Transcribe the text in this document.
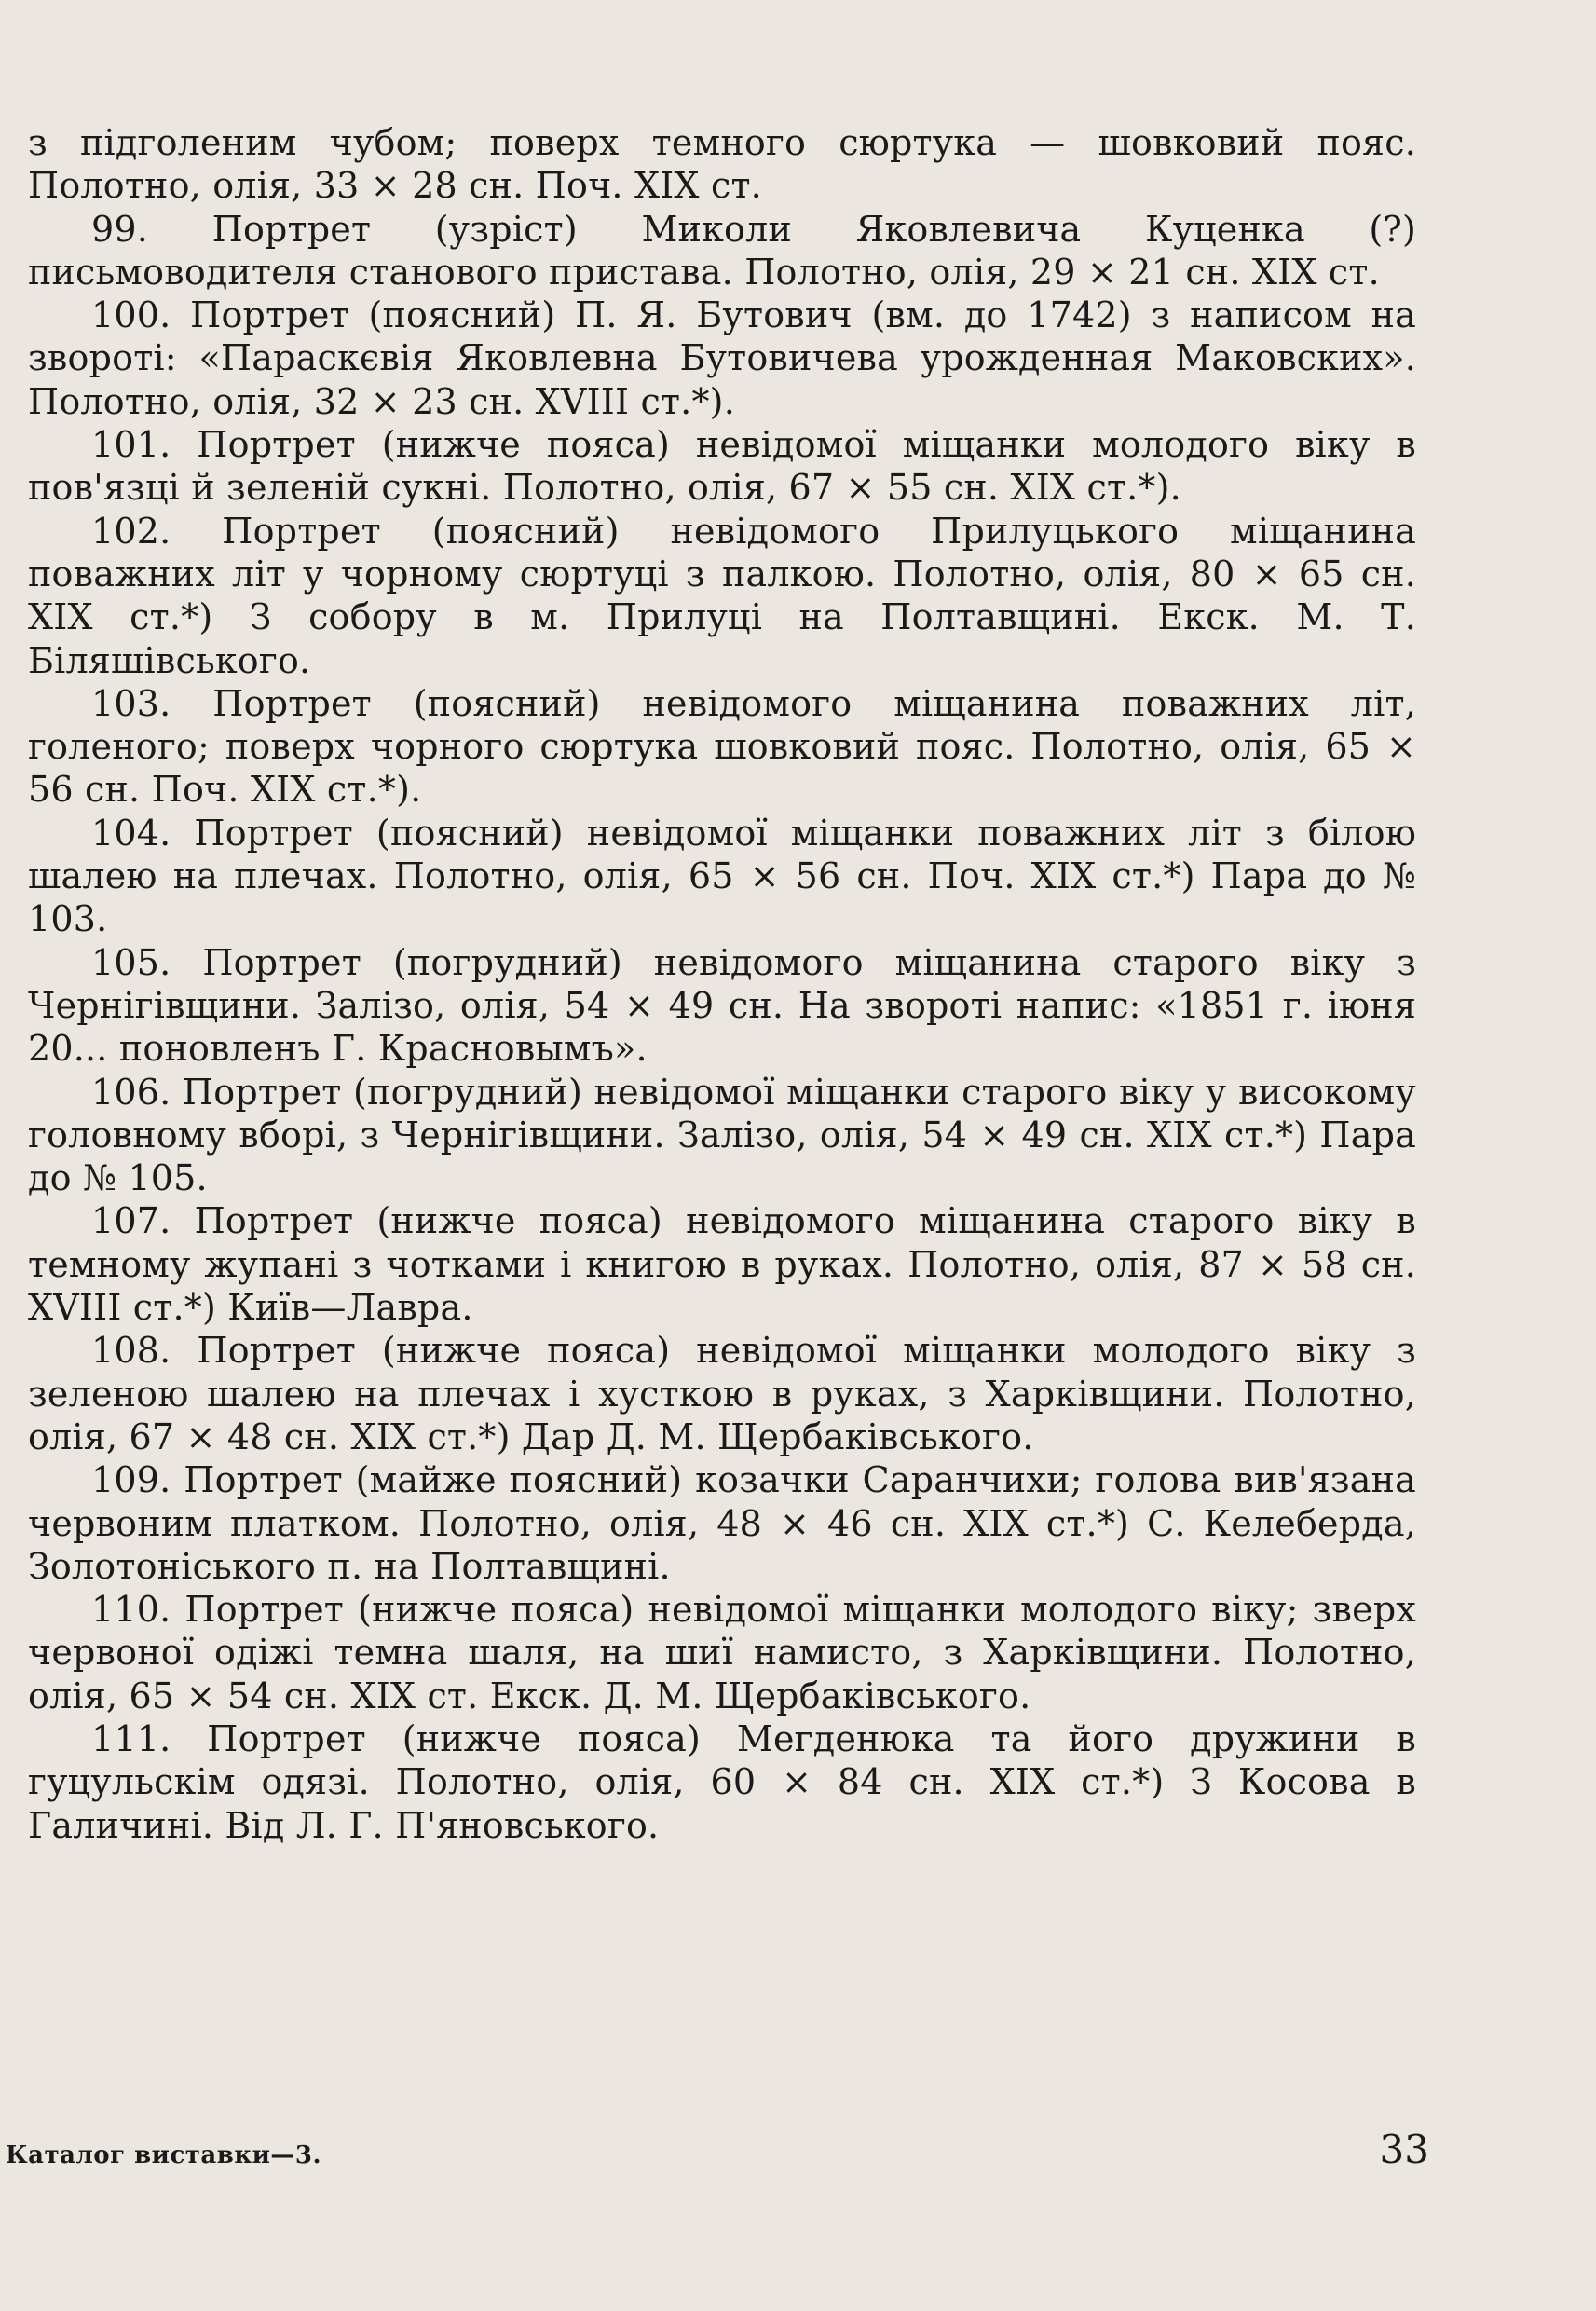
з підголеним чубом; поверх темного сюртука — шовковий пояс. Полотно, олія, 33 × 28 сн. Поч. XIX ст.

99. Портрет (узріст) Миколи Яковлевича Куценка (?) письмоводителя станового пристава. Полотно, олія, 29 × 21 сн. XIX ст.

100. Портрет (поясний) П. Я. Бутович (вм. до 1742) з написом на звороті: «Параскєвія Яковлевна Бутовичева урожденная Маковских». Полотно, олія, 32 × 23 сн. XVIII ст.*).

101. Портрет (нижче пояса) невідомої міщанки молодого віку в пов'язці й зеленій сукні. Полотно, олія, 67 × 55 сн. XIX ст.*).

102. Портрет (поясний) невідомого Прилуцького міщанина поважних літ у чорному сюртуці з палкою. Полотно, олія, 80 × 65 сн. XIX ст.*) З собору в м. Прилуці на Полтавщині. Екск. М. Т. Біляшівського.

103. Портрет (поясний) невідомого міщанина поважних літ, голеного; поверх чорного сюртука шовковий пояс. Полотно, олія, 65 × 56 сн. Поч. XIX ст.*).

104. Портрет (поясний) невідомої міщанки поважних літ з білою шалею на плечах. Полотно, олія, 65 × 56 сн. Поч. XIX ст.*) Пара до № 103.

105. Портрет (погрудний) невідомого міщанина старого віку з Чернігівщини. Залізо, олія, 54 × 49 сн. На звороті напис: «1851 г. іюня 20... поновленъ Г. Красновымъ».

106. Портрет (погрудний) невідомої міщанки старого віку у високому головному вборі, з Чернігівщини. Залізо, олія, 54 × 49 сн. XIX ст.*) Пара до № 105.

107. Портрет (нижче пояса) невідомого міщанина старого віку в темному жупані з чотками і книгою в руках. Полотно, олія, 87 × 58 сн. XVIII ст.*) Київ—Лавра.

108. Портрет (нижче пояса) невідомої міщанки молодого віку з зеленою шалею на плечах і хусткою в руках, з Харківщини. Полотно, олія, 67 × 48 сн. XIX ст.*) Дар Д. М. Щербаківського.

109. Портрет (майже поясний) козачки Саранчихи; голова вив'язана червоним платком. Полотно, олія, 48 × 46 сн. XIX ст.*) С. Келеберда, Золотоніського п. на Полтавщині.

110. Портрет (нижче пояса) невідомої міщанки молодого віку; зверх червоної одіжі темна шаля, на шиї намисто, з Харківщини. Полотно, олія, 65 × 54 сн. XIX ст. Екск. Д. М. Щербаківського.

111. Портрет (нижче пояса) Мегденюка та його дружини в гуцульскім одязі. Полотно, олія, 60 × 84 сн. XIX ст.*) З Косова в Галичині. Від Л. Г. П'яновського.

Каталог виставки—3.	33
